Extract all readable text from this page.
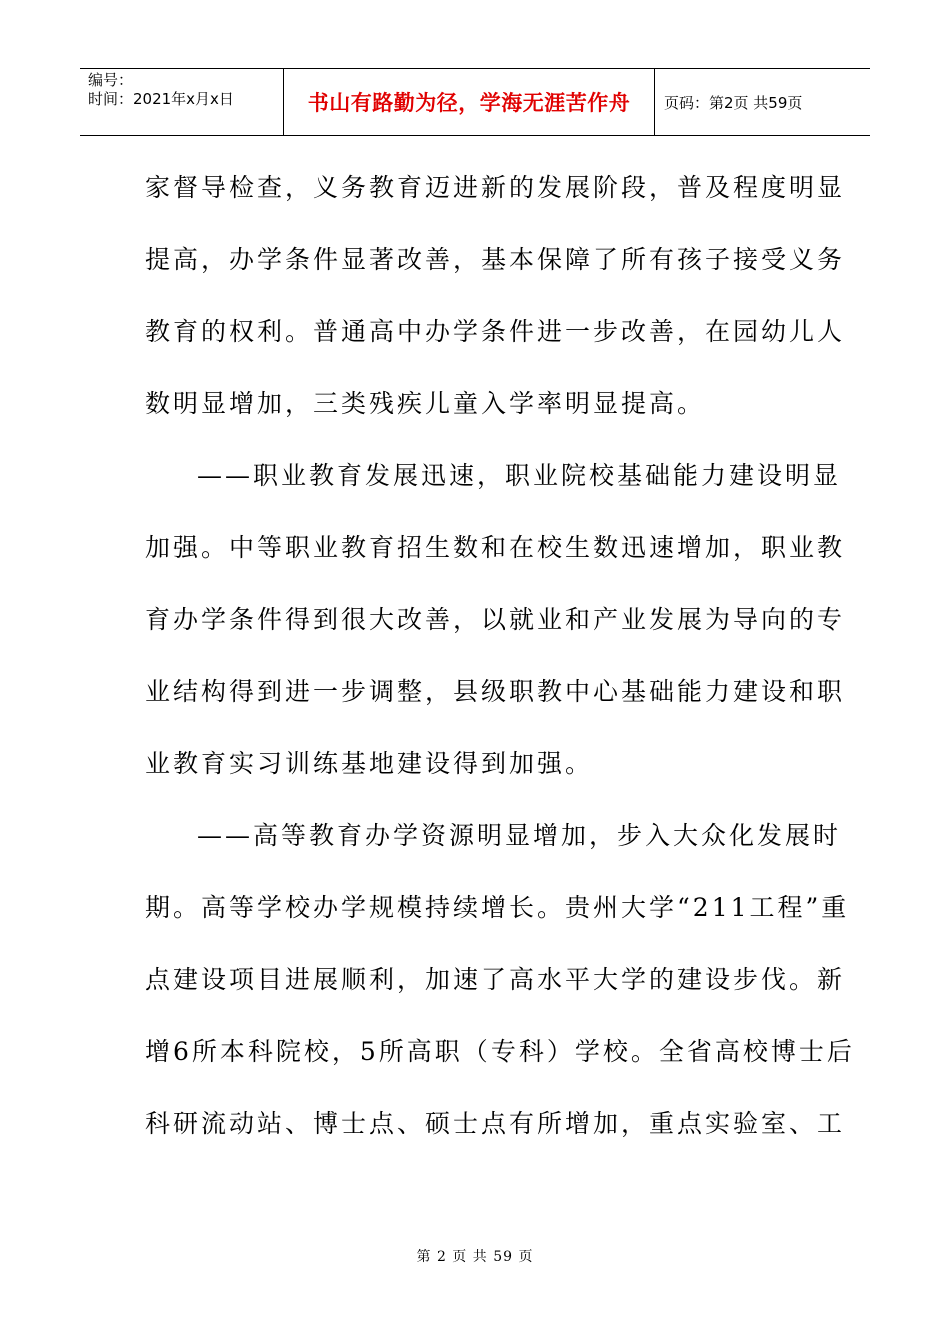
编号：
时间：2021年x月x日	书山有路勤为径，学海无涯苦作舟	页码：第2页 共59页
家督导检查，义务教育迈进新的发展阶段，普及程度明显
提高，办学条件显著改善，基本保障了所有孩子接受义务
教育的权利。普通高中办学条件进一步改善，在园幼儿人
数明显增加，三类残疾儿童入学率明显提高。
——职业教育发展迅速，职业院校基础能力建设明显
加强。中等职业教育招生数和在校生数迅速增加，职业教
育办学条件得到很大改善，以就业和产业发展为导向的专
业结构得到进一步调整，县级职教中心基础能力建设和职
业教育实习训练基地建设得到加强。
——高等教育办学资源明显增加，步入大众化发展时
期。高等学校办学规模持续增长。贵州大学“211工程”重
点建设项目进展顺利，加速了高水平大学的建设步伐。新
增6所本科院校，5所高职（专科）学校。全省高校博士后
科研流动站、博士点、硕士点有所增加，重点实验室、工
第 2 页 共 59 页
